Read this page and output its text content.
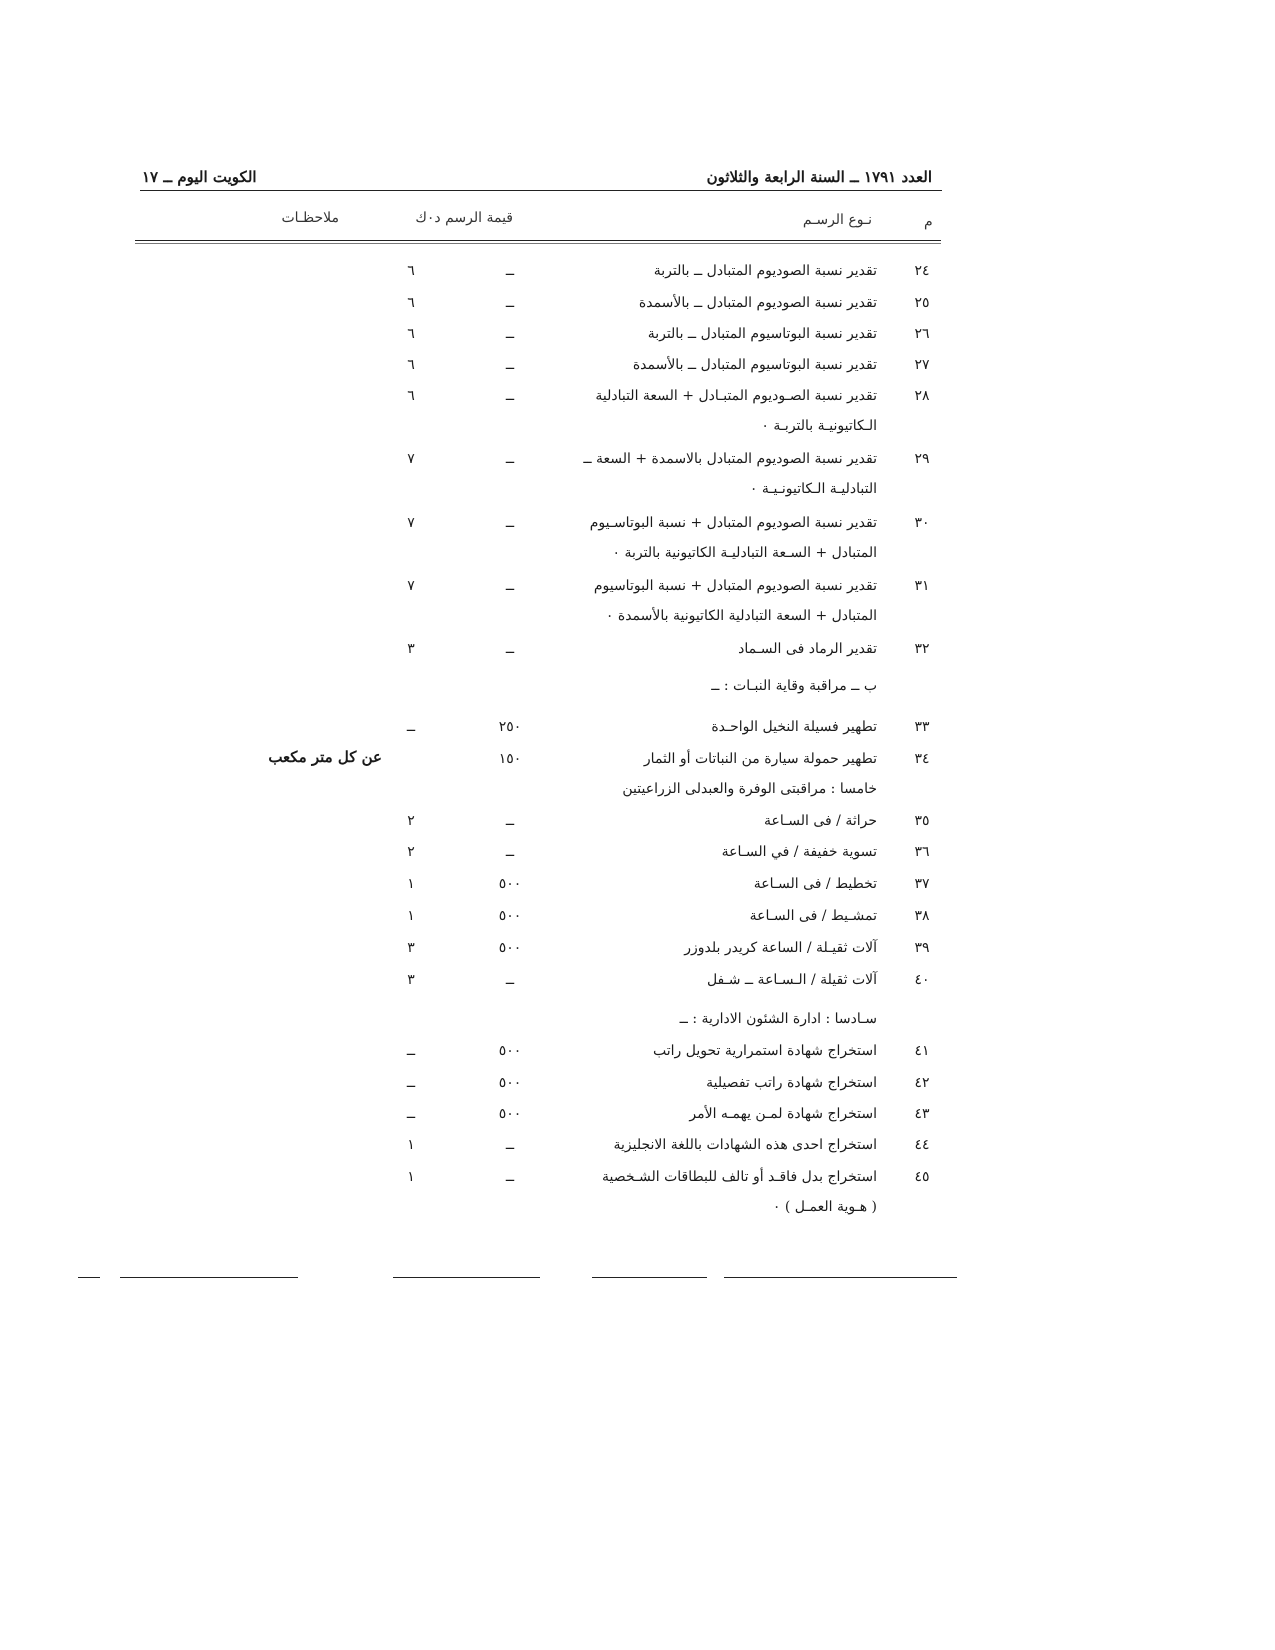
الكويت اليوم ــ ١٧	العدد ١٧٩١ ــ السنة الرابعة والثلاثون
م
نـوع الرسـم
قيمة الرسم د٠ك
ملاحظـات
٢٤
تقدير نسبة الصوديوم المتبادل ــ بالتربة
ــ
٦
٢٥
تقدير نسبة الصوديوم المتبادل ــ بالأسمدة
ــ
٦
٢٦
تقدير نسبة البوتاسيوم المتبادل ــ بالتربة
ــ
٦
٢٧
تقدير نسبة البوتاسيوم المتبادل ــ بالأسمدة
ــ
٦
٢٨
تقدير نسبة الصـوديوم المتبـادل + السعة التبادلية
الـكاتيونيـة بالتربـة ٠
ــ
٦
٢٩
تقدير نسبة الصوديوم المتبادل بالاسمدة + السعة ــ
التبادليـة الـكاتيونـيـة ٠
ــ
٧
٣٠
تقدير نسبة الصوديوم المتبادل + نسبة البوتاسـيوم
المتبادل + السـعة التبادليـة الكاتيونية بالتربة ٠
ــ
٧
٣١
تقدير نسبة الصوديوم المتبادل + نسبة البوتاسيوم
المتبادل + السعة التبادلية الكاتيونية بالأسمدة ٠
ــ
٧
٣٢
تقدير الرماد فى السـماد
ــ
٣
ب ــ مراقبة وقاية النبـات : ــ
٣٣
تطهير فسيلة النخيل الواحـدة
٢٥٠
ــ
٣٤
تطهير حمولة سيارة من النباتات أو الثمار
١٥٠
عن كل متر مكعب
خامسا : مراقبتى الوفرة والعبدلى الزراعيتين
٣٥
حراثة / فى السـاعة
ــ
٢
٣٦
تسوية خفيفة / في السـاعة
ــ
٢
٣٧
تخطيط / فى السـاعة
٥٠٠
١
٣٨
تمشـيط / فى السـاعة
٥٠٠
١
٣٩
آلات ثقيـلة / الساعة كريدر بلدوزر
٥٠٠
٣
٤٠
آلات ثقيلة / الـسـاعة ــ شـفل
ــ
٣
سـادسا : ادارة الشئون الادارية : ــ
٤١
استخراج شهادة استمرارية تحويل راتب
٥٠٠
ــ
٤٢
استخراج شهادة راتب تفصيلية
٥٠٠
ــ
٤٣
استخراج شهادة لمـن يهمـه الأمر
٥٠٠
ــ
٤٤
استخراج احدى هذه الشهادات باللغة الانجليزية
ــ
١
٤٥
استخراج بدل فاقـد أو تالف للبطاقات الشـخصية
( هـوية العمـل ) ٠
ــ
١
